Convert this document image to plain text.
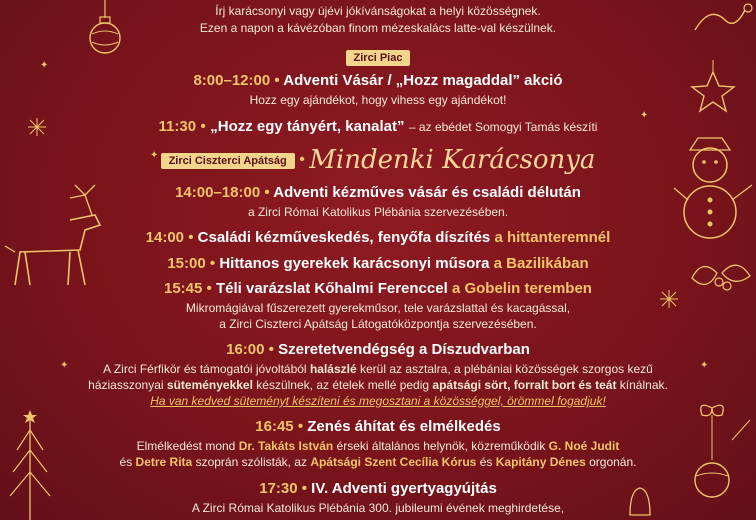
✦
✦
✦	✦
✦
Írj karácsonyi vagy újévi jókívánságokat a helyi közösségnek.
Ezen a napon a kávézóban finom mézeskalács latte-val készülnek.
Zirci Piac
8:00–12:00 • Adventi Vásár / „Hozz magaddal” akció
Hozz egy ajándékot, hogy vihess egy ajándékot!
11:30 • „Hozz egy tányért, kanalat” – az ebédet Somogyi Tamás készíti
Zirci Ciszterci Apátság • Mindenki Karácsonya
14:00–18:00 • Adventi kézműves vásár és családi délután
a Zirci Római Katolikus Plébánia szervezésében.
14:00 • Családi kézműveskedés, fenyőfa díszítés a hittanteremnél
15:00 • Hittanos gyerekek karácsonyi műsora a Bazilikában
15:45 • Téli varázslat Kőhalmi Ferenccel a Gobelin teremben
Mikromágiával fűszerezett gyerekműsor, tele varázslattal és kacagással,
a Zirci Ciszterci Apátság Látogatóközpontja szervezésében.
16:00 • Szeretetvendégség a Díszudvarban
A Zirci Férfikör és támogatói jóvoltából halászlé kerül az asztalra, a plébániai közösségek szorgos kezű
háziasszonyai süteményekkel készülnek, az ételek mellé pedig apátsági sört, forralt bort és teát kínálnak.
Ha van kedved süteményt készíteni és megosztani a közösséggel, örömmel fogadjuk!
16:45 • Zenés áhítat és elmélkedés
Elmélkedést mond Dr. Takáts István érseki általános helynök, közreműködik G. Noé Judit
és Detre Rita szoprán szólisták, az Apátsági Szent Cecília Kórus és Kapitány Dénes orgonán.
17:30 • IV. Adventi gyertyagyújtás
A Zirci Római Katolikus Plébánia 300. jubileumi évének meghirdetése,
